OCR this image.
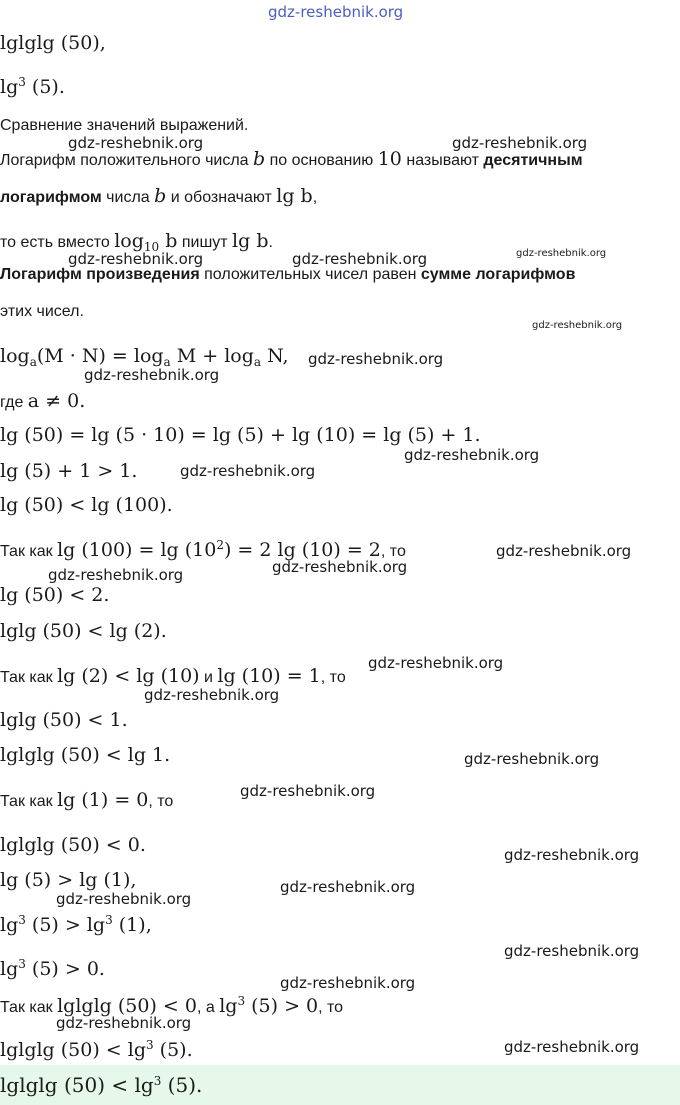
gdz-reshebnik.org
lglglg (50),
$\lg^3 (5)$.
Сравнение значений выражений.
Логарифм положительного числа b по основанию 10 называют десятичным
логарифмом числа b и обозначают lg b,
то есть вместо $\log_{10} b$ пишут lg b.
Логарифм произведения положительных чисел равен сумме логарифмов
этих чисел.
$\log_a(M \cdot N) = \log_a M + \log_a N$,
где a ≠ 0.
lg (50) = lg (5 · 10) = lg (5) + lg (10) = lg (5) + 1.
lg (5) + 1 > 1.
lg (50) < lg (100).
Так как $\lg (100) = \lg (10^2) = 2$ lg (10) = 2, то
lg (50) < 2.
lglg (50) < lg (2).
Так как lg (2) < lg (10) и lg (10) = 1, то
lglg (50) < 1.
lglglg (50) < lg 1.
Так как lg (1) = 0, то
lglglg (50) < 0.
lg (5) > lg (1),
$\lg^3 (5) > \lg^3 (1)$,
$\lg^3 (5) > 0$.
Так как lglglg (50) < 0, а $\lg^3 (5) > 0$, то
lglglg $(50) < \lg^3 (5)$.
lglglg $(50) < \lg^3 (5)$.
gdz-reshebnik.org	gdz-reshebnik.org
gdz-reshebnik.org	gdz-reshebnik.org	gdz-reshebnik.org
gdz-reshebnik.org
gdz-reshebnik.org
gdz-reshebnik.org
gdz-reshebnik.org
gdz-reshebnik.org
gdz-reshebnik.org
gdz-reshebnik.org
gdz-reshebnik.org
gdz-reshebnik.org
gdz-reshebnik.org
gdz-reshebnik.org
gdz-reshebnik.org
gdz-reshebnik.org
gdz-reshebnik.org
gdz-reshebnik.org
gdz-reshebnik.org
gdz-reshebnik.org
gdz-reshebnik.org
gdz-reshebnik.org
